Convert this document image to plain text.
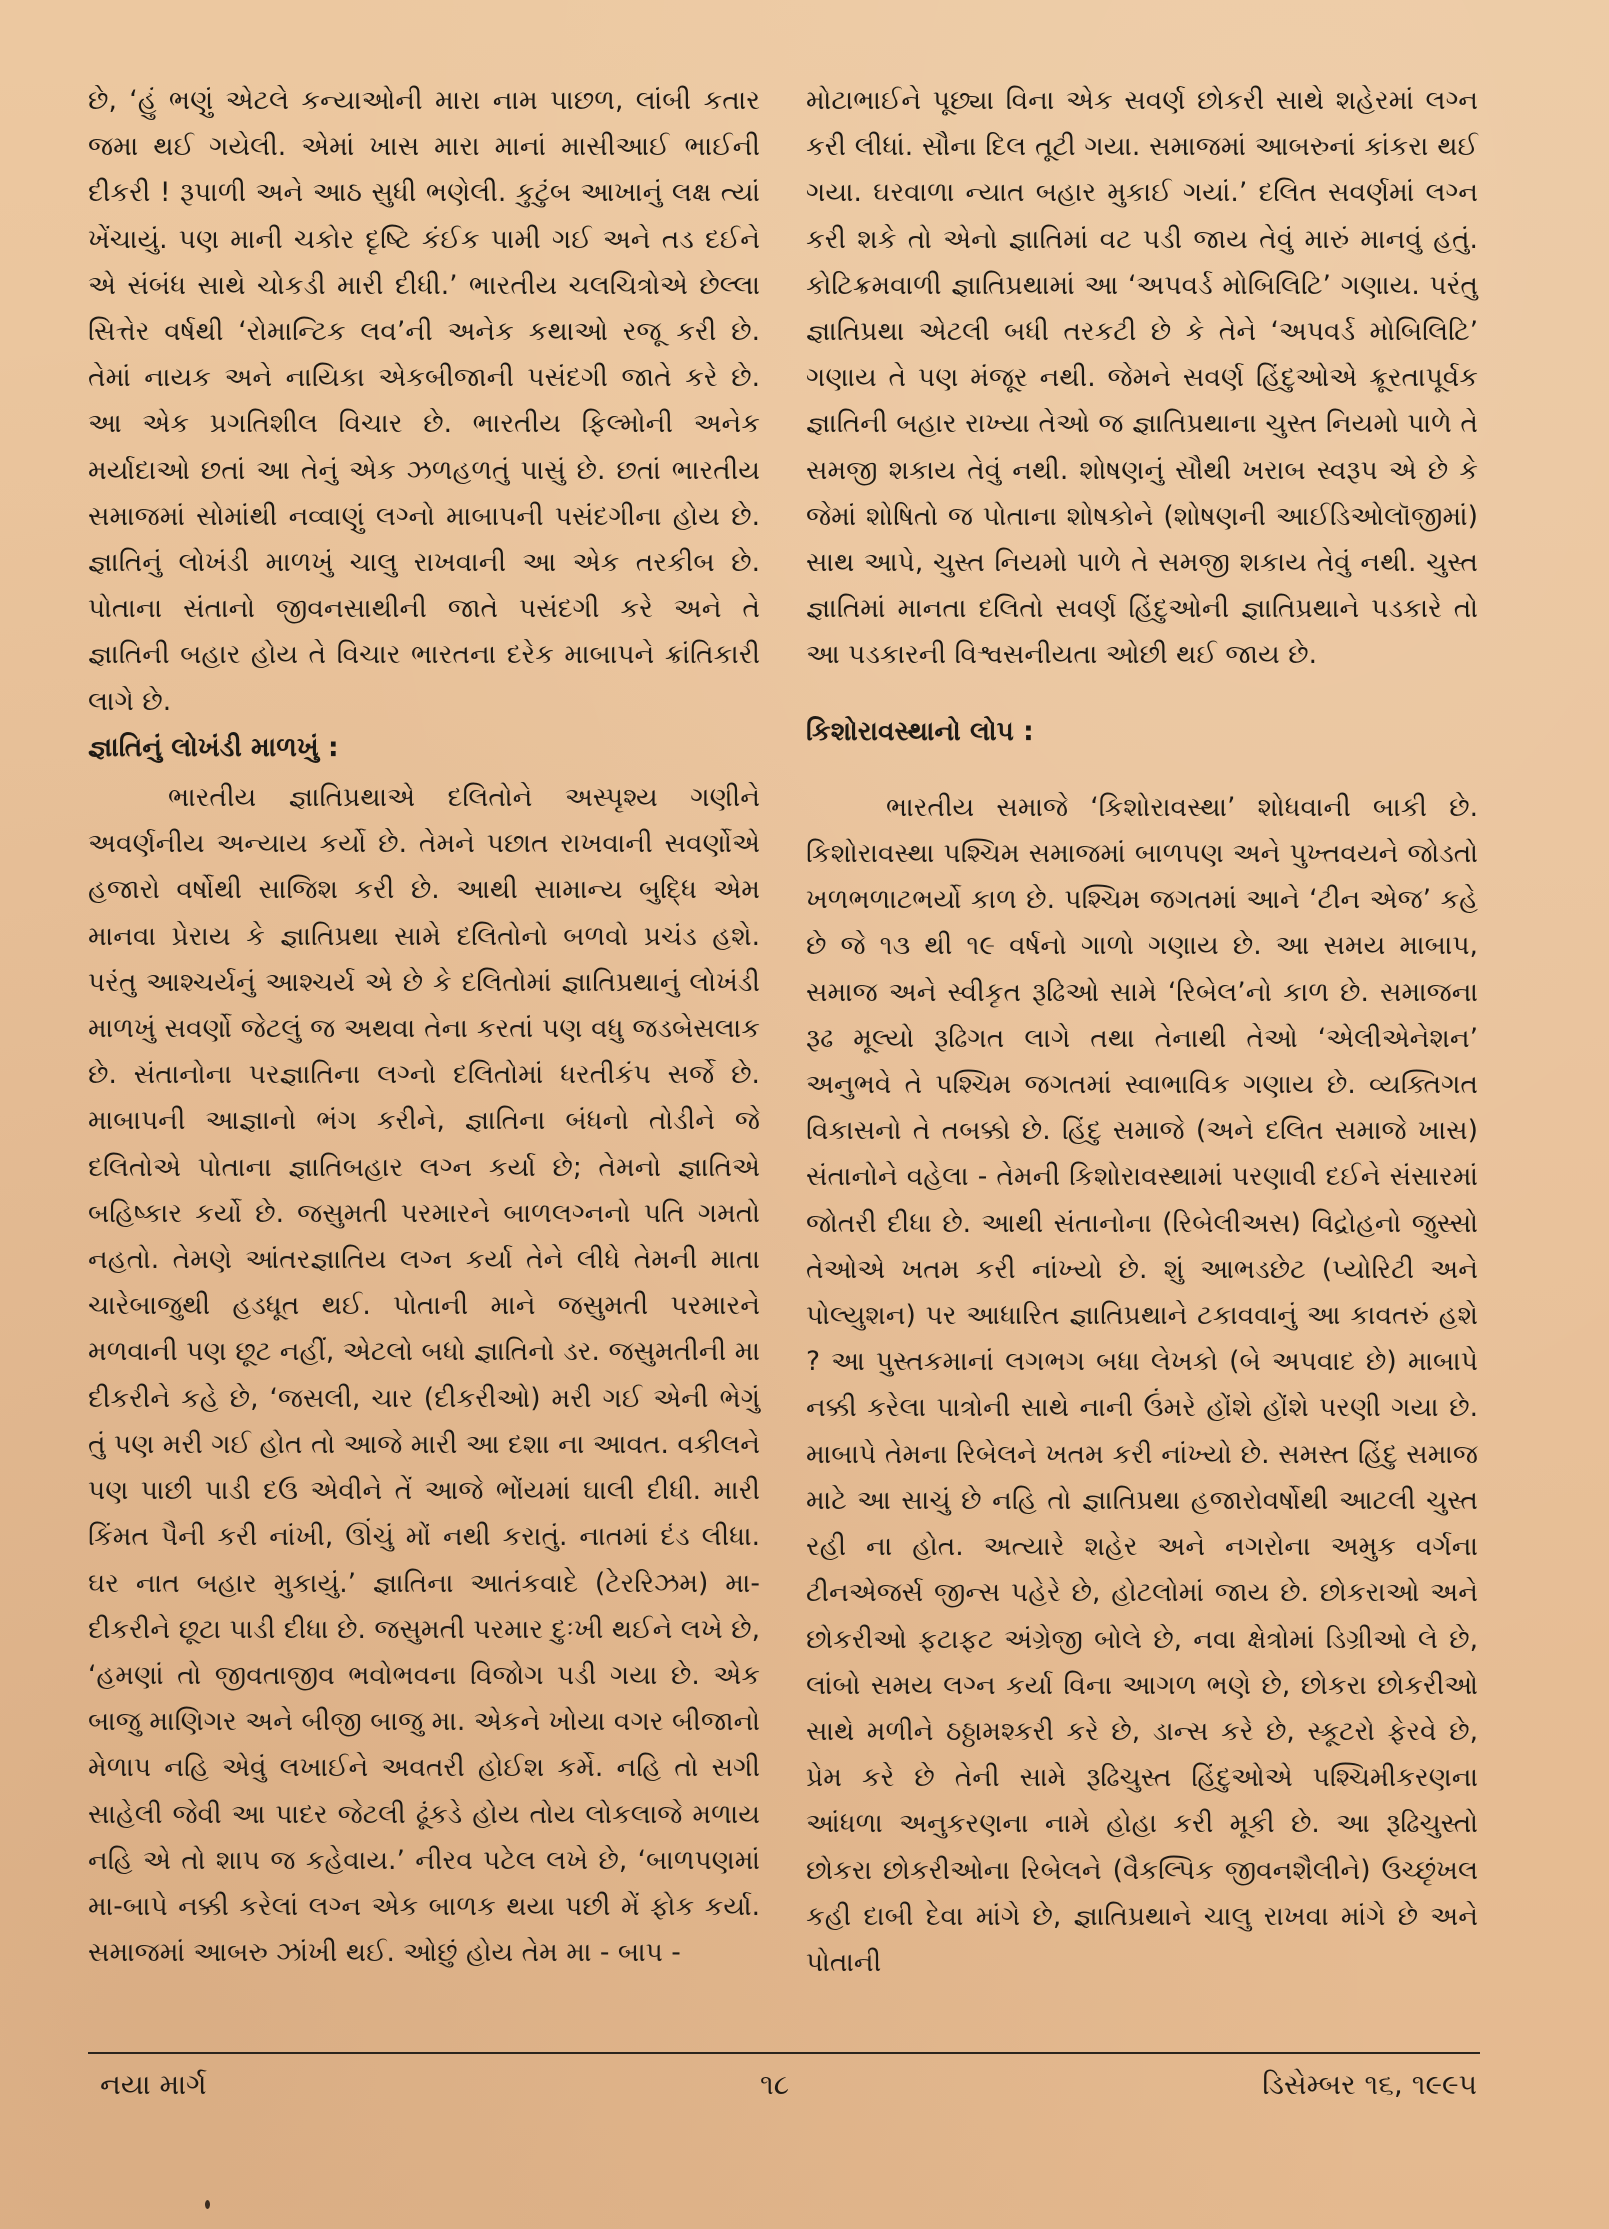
છે, ‘હું ભણું એટલે કન્યાઓની મારા નામ પાછળ, લાંબી કતાર જમા થઈ ગયેલી. એમાં ખાસ મારા માનાં માસીઆઈ ભાઈની દીકરી ! રૂપાળી અને આઠ સુધી ભણેલી. કુટુંબ આખાનું લક્ષ ત્યાં ખેંચાયું. પણ માની ચકોર દૃષ્ટિ કંઈક પામી ગઈ અને તડ દઈને એ સંબંધ સાથે ચોકડી મારી દીધી.’ ભારતીય ચલચિત્રોએ છેલ્લા સિત્તેર વર્ષથી ‘રોમાન્ટિક લવ’ની અનેક કથાઓ રજૂ કરી છે. તેમાં નાયક અને નાયિકા એકબીજાની પસંદગી જાતે કરે છે. આ એક પ્રગતિશીલ વિચાર છે. ભારતીય ફિલ્મોની અનેક મર્યાદાઓ છતાં આ તેનું એક ઝળહળતું પાસું છે. છતાં ભારતીય સમાજમાં સોમાંથી નવ્વાણું લગ્નો માબાપની પસંદગીના હોય છે. જ્ઞાતિનું લોખંડી માળખું ચાલુ રાખવાની આ એક તરકીબ છે. પોતાના સંતાનો જીવનસાથીની જાતે પસંદગી કરે અને તે જ્ઞાતિની બહાર હોય તે વિચાર ભારતના દરેક માબાપને ક્રાંતિકારી લાગે છે.

જ્ઞાતિનું લોખંડી માળખું :

ભારતીય જ્ઞાતિપ્રથાએ દલિતોને અસ્પૃશ્ય ગણીને અવર્ણનીય અન્યાય કર્યો છે. તેમને પછાત રાખવાની સવર્ણોએ હજારો વર્ષોથી સાજિશ કરી છે. આથી સામાન્ય બુદ્ધિ એમ માનવા પ્રેરાય કે જ્ઞાતિપ્રથા સામે દલિતોનો બળવો પ્રચંડ હશે. પરંતુ આશ્ચર્યનું આશ્ચર્ય એ છે કે દલિતોમાં જ્ઞાતિપ્રથાનું લોખંડી માળખું સવર્ણો જેટલું જ અથવા તેના કરતાં પણ વધુ જડબેસલાક છે. સંતાનોના પરજ્ઞાતિના લગ્નો દલિતોમાં ધરતીકંપ સર્જે છે. માબાપની આજ્ઞાનો ભંગ કરીને, જ્ઞાતિના બંધનો તોડીને જે દલિતોએ પોતાના જ્ઞાતિબહાર લગ્ન કર્યા છે; તેમનો જ્ઞાતિએ બહિષ્કાર કર્યો છે. જસુમતી પરમારને બાળલગ્નનો પતિ ગમતો નહતો. તેમણે આંતરજ્ઞાતિય લગ્ન કર્યા તેને લીધે તેમની માતા ચારેબાજુથી હડધૂત થઈ. પોતાની માને જસુમતી પરમારને મળવાની પણ છૂટ નહીં, એટલો બધો જ્ઞાતિનો ડર. જસુમતીની મા દીકરીને કહે છે, ‘જસલી, ચાર (દીકરીઓ) મરી ગઈ એની ભેગું તું પણ મરી ગઈ હોત તો આજે મારી આ દશા ના આવત. વકીલને પણ પાછી પાડી દઉ એવીને તેં આજે ભોંયમાં ઘાલી દીધી. મારી કિંમત પૈની કરી નાંખી, ઊંચું મોં નથી કરાતું. નાતમાં દંડ લીધા. ઘર નાત બહાર મુકાયું.’ જ્ઞાતિના આતંકવાદે (ટેરરિઝમ) મા-દીકરીને છૂટા પાડી દીધા છે. જસુમતી પરમાર દુઃખી થઈને લખે છે, ‘હમણાં તો જીવતાજીવ ભવોભવના વિજોગ પડી ગયા છે. એક બાજુ માણિગર અને બીજી બાજુ મા. એકને ખોયા વગર બીજાનો મેળાપ નહિ એવું લખાઈને અવતરી હોઈશ કર્મે. નહિ તો સગી સાહેલી જેવી આ પાદર જેટલી ઢૂંકડે હોય તોય લોકલાજે મળાય નહિ એ તો શાપ જ કહેવાય.’ નીરવ પટેલ લખે છે, ‘બાળપણમાં મા-બાપે નક્કી કરેલાં લગ્ન એક બાળક થયા પછી મેં ફોક કર્યા. સમાજમાં આબરુ ઝાંખી થઈ. ઓછું હોય તેમ મા - બાપ -

મોટાભાઈને પૂછ્યા વિના એક સવર્ણ છોકરી સાથે શહેરમાં લગ્ન કરી લીધાં. સૌના દિલ તૂટી ગયા. સમાજમાં આબરુનાં કાંકરા થઈ ગયા. ઘરવાળા ન્યાત બહાર મુકાઈ ગયાં.’ દલિત સવર્ણમાં લગ્ન કરી શકે તો એનો જ્ઞાતિમાં વટ પડી જાય તેવું મારું માનવું હતું. કોટિક્રમવાળી જ્ઞાતિપ્રથામાં આ ‘અપવર્ડ મોબિલિટિ’ ગણાય. પરંતુ જ્ઞાતિપ્રથા એટલી બધી તરકટી છે કે તેને ‘અપવર્ડ મોબિલિટિ’ ગણાય તે પણ મંજૂર નથી. જેમને સવર્ણ હિંદુઓએ ક્રૂરતાપૂર્વક જ્ઞાતિની બહાર રાખ્યા તેઓ જ જ્ઞાતિપ્રથાના ચુસ્ત નિયમો પાળે તે સમજી શકાય તેવું નથી. શોષણનું સૌથી ખરાબ સ્વરૂપ એ છે કે જેમાં શોષિતો જ પોતાના શોષકોને (શોષણની આઈડિઓલૉજીમાં) સાથ આપે, ચુસ્ત નિયમો પાળે તે સમજી શકાય તેવું નથી. ચુસ્ત જ્ઞાતિમાં માનતા દલિતો સવર્ણ હિંદુઓની જ્ઞાતિપ્રથાને પડકારે તો આ પડકારની વિશ્વસનીયતા ઓછી થઈ જાય છે.

કિશોરાવસ્થાનો લોપ :

ભારતીય સમાજે ‘કિશોરાવસ્થા’ શોધવાની બાકી છે. કિશોરાવસ્થા પશ્ચિમ સમાજમાં બાળપણ અને પુખ્તવયને જોડતો ખળભળાટભર્યો કાળ છે. પશ્ચિમ જગતમાં આને ‘ટીન એજ’ કહે છે જે ૧૩ થી ૧૯ વર્ષનો ગાળો ગણાય છે. આ સમય માબાપ, સમાજ અને સ્વીકૃત રૂઢિઓ સામે ‘રિબેલ’નો કાળ છે. સમાજના રૂઢ મૂલ્યો રૂઢિગત લાગે તથા તેનાથી તેઓ ‘એલીએનેશન’ અનુભવે તે પશ્ચિમ જગતમાં સ્વાભાવિક ગણાય છે. વ્યક્તિગત વિકાસનો તે તબક્કો છે. હિંદુ સમાજે (અને દલિત સમાજે ખાસ) સંતાનોને વહેલા - તેમની કિશોરાવસ્થામાં પરણાવી દઈને સંસારમાં જોતરી દીધા છે. આથી સંતાનોના (રિબેલીઅસ) વિદ્રોહનો જુસ્સો તેઓએ ખતમ કરી નાંખ્યો છે. શું આભડછેટ (પ્યોરિટી અને પોલ્યુશન) પર આધારિત જ્ઞાતિપ્રથાને ટકાવવાનું આ કાવતરું હશે ? આ પુસ્તકમાનાં લગભગ બધા લેખકો (બે અપવાદ છે) માબાપે નક્કી કરેલા પાત્રોની સાથે નાની ઉંમરે હોંશે હોંશે પરણી ગયા છે. માબાપે તેમના રિબેલને ખતમ કરી નાંખ્યો છે. સમસ્ત હિંદુ સમાજ માટે આ સાચું છે નહિ તો જ્ઞાતિપ્રથા હજારોવર્ષોથી આટલી ચુસ્ત રહી ના હોત. અત્યારે શહેર અને નગરોના અમુક વર્ગના ટીનએજર્સ જીન્સ પહેરે છે, હોટલોમાં જાય છે. છોકરાઓ અને છોકરીઓ ફટાફટ અંગ્રેજી બોલે છે, નવા ક્ષેત્રોમાં ડિગ્રીઓ લે છે, લાંબો સમય લગ્ન કર્યા વિના આગળ ભણે છે, છોકરા છોકરીઓ સાથે મળીને ઠઠ્ઠામશ્કરી કરે છે, ડાન્સ કરે છે, સ્કૂટરો ફેરવે છે, પ્રેમ કરે છે તેની સામે રૂઢિચુસ્ત હિંદુઓએ પશ્ચિમીકરણના આંધળા અનુકરણના નામે હોહા કરી મૂકી છે. આ રૂઢિચુસ્તો છોકરા છોકરીઓના રિબેલને (વૈકલ્પિક જીવનશૈલીને) ઉચ્છૃંખલ કહી દાબી દેવા માંગે છે, જ્ઞાતિપ્રથાને ચાલુ રાખવા માંગે છે અને પોતાની

નયા માર્ગ	૧૮	ડિસેમ્બર ૧૬, ૧૯૯૫
